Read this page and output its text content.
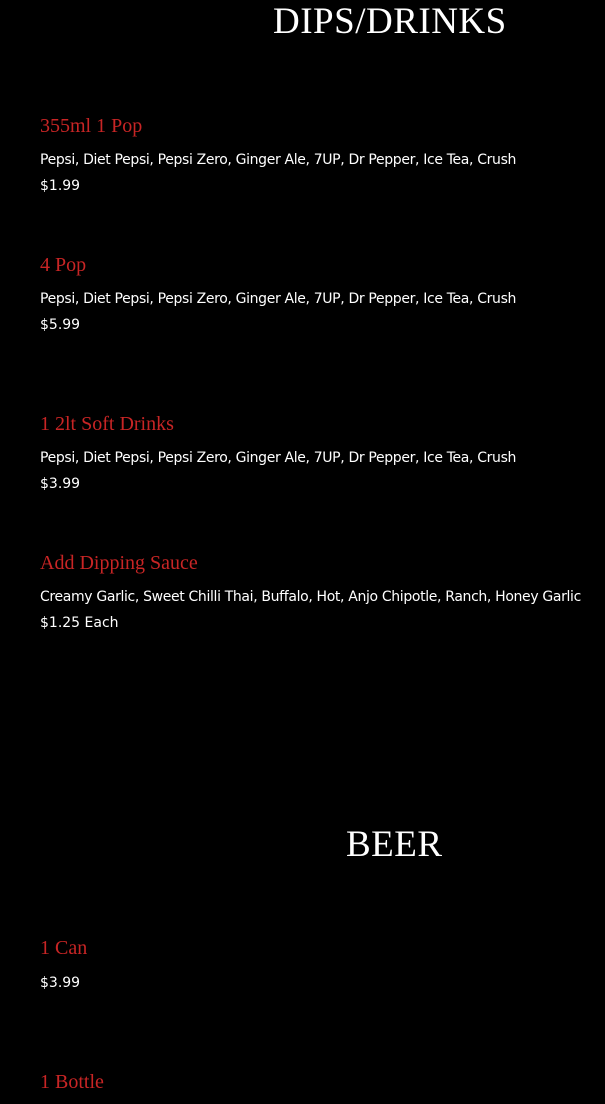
DIPS/DRINKS
355ml 1 Pop

Pepsi, Diet Pepsi, Pepsi Zero, Ginger Ale, 7UP, Dr Pepper, Ice Tea, Crush

$1.99

4 Pop

Pepsi, Diet Pepsi, Pepsi Zero, Ginger Ale, 7UP, Dr Pepper, Ice Tea, Crush

$5.99

1 2lt Soft Drinks

Pepsi, Diet Pepsi, Pepsi Zero, Ginger Ale, 7UP, Dr Pepper, Ice Tea, Crush

$3.99

Add Dipping Sauce

Creamy Garlic, Sweet Chilli Thai, Buffalo, Hot, Anjo Chipotle, Ranch, Honey Garlic

$1.25 Each

BEER
1 Can

$3.99

1 Bottle
